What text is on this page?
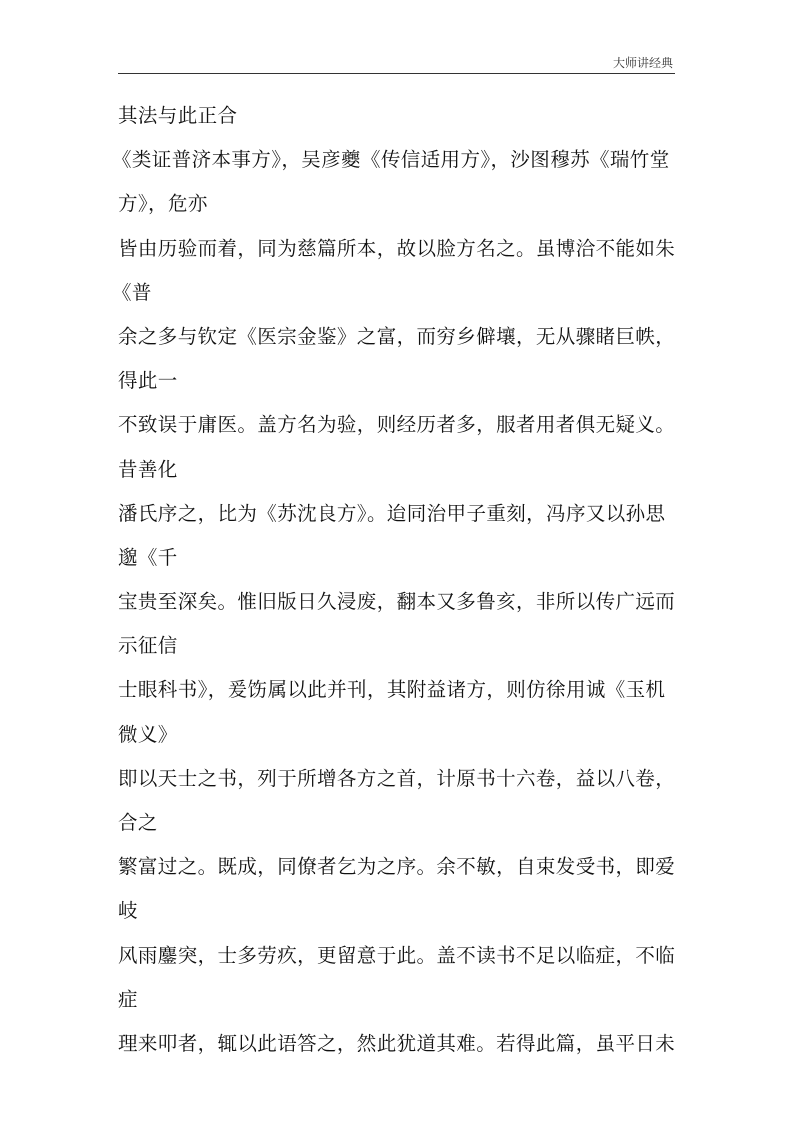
大师讲经典
其法与此正合
《类证普济本事方》，吴彦夔《传信适用方》，沙图穆苏《瑞竹堂
方》，危亦
皆由历验而着，同为慈篇所本，故以脸方名之。虽博洽不能如朱
《普
余之多与钦定《医宗金鉴》之富，而穷乡僻壤，无从骤睹巨帙，
得此一
不致误于庸医。盖方名为验，则经历者多，服者用者俱无疑义。
昔善化
潘氏序之，比为《苏沈良方》。迨同治甲子重刻，冯序又以孙思
邈《千
宝贵至深矣。惟旧版日久浸废，翻本又多鲁亥，非所以传广远而
示征信
士眼科书》，爰饬属以此并刊，其附益诸方，则仿徐用诚《玉机
微义》
即以天士之书，列于所增各方之首，计原书十六卷，益以八卷，
合之
繁富过之。既成，同僚者乞为之序。余不敏，自束发受书，即爱
岐
风雨鏖突，士多劳疚，更留意于此。盖不读书不足以临症，不临
症
理来叩者，辄以此语答之，然此犹道其难。若得此篇，虽平日未
